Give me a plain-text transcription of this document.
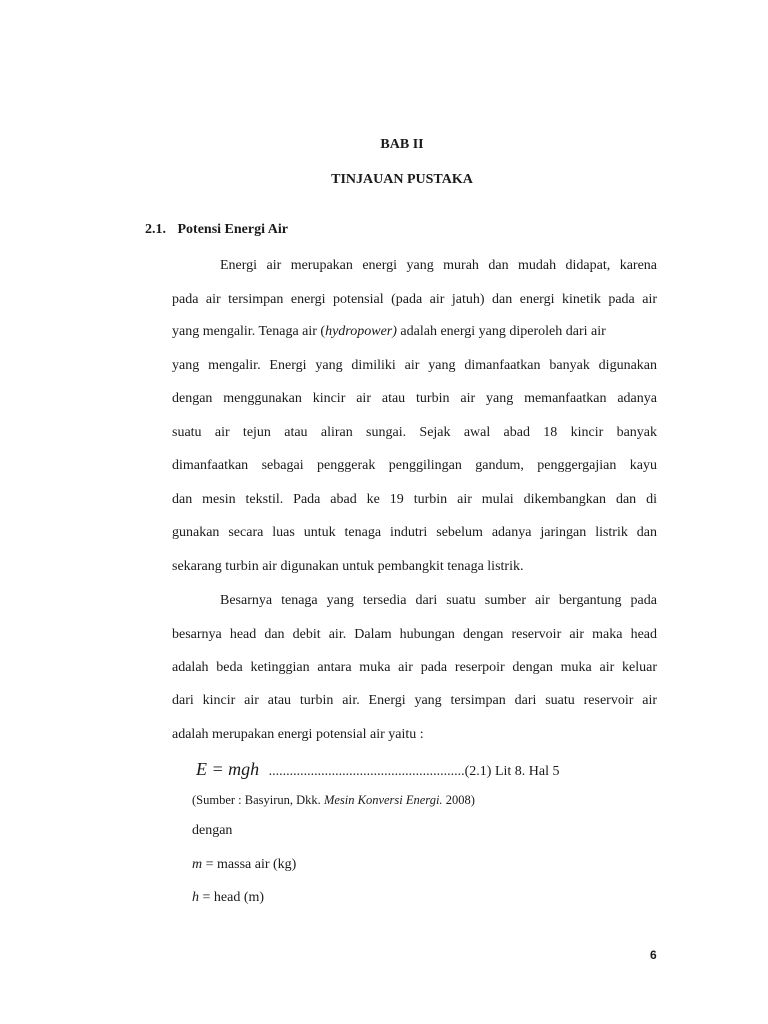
BAB II
TINJAUAN PUSTAKA
2.1. Potensi Energi Air
Energi air merupakan energi yang murah dan mudah didapat, karena
pada air tersimpan energi potensial (pada air jatuh) dan energi kinetik pada air
yang mengalir. Tenaga air (hydropower) adalah energi yang diperoleh dari air
yang mengalir. Energi yang dimiliki air yang dimanfaatkan banyak digunakan
dengan menggunakan kincir air atau turbin air yang memanfaatkan adanya
suatu air tejun atau aliran sungai. Sejak awal abad 18 kincir banyak
dimanfaatkan sebagai penggerak penggilingan gandum, penggergajian kayu
dan mesin tekstil. Pada abad ke 19 turbin air mulai dikembangkan dan di
gunakan secara luas untuk tenaga indutri sebelum adanya jaringan listrik dan
sekarang turbin air digunakan untuk pembangkit tenaga listrik.
Besarnya tenaga yang tersedia dari suatu sumber air bergantung pada
besarnya head dan debit air. Dalam hubungan dengan reservoir air maka head
adalah beda ketinggian antara muka air pada reserpoir dengan muka air keluar
dari kincir air atau turbin air. Energi yang tersimpan dari suatu reservoir air
adalah merupakan energi potensial air yaitu :
E = mgh ........................................................(2.1) Lit 8. Hal 5
(Sumber : Basyirun, Dkk. Mesin Konversi Energi. 2008)
dengan
m = massa air (kg)
h = head (m)
6
